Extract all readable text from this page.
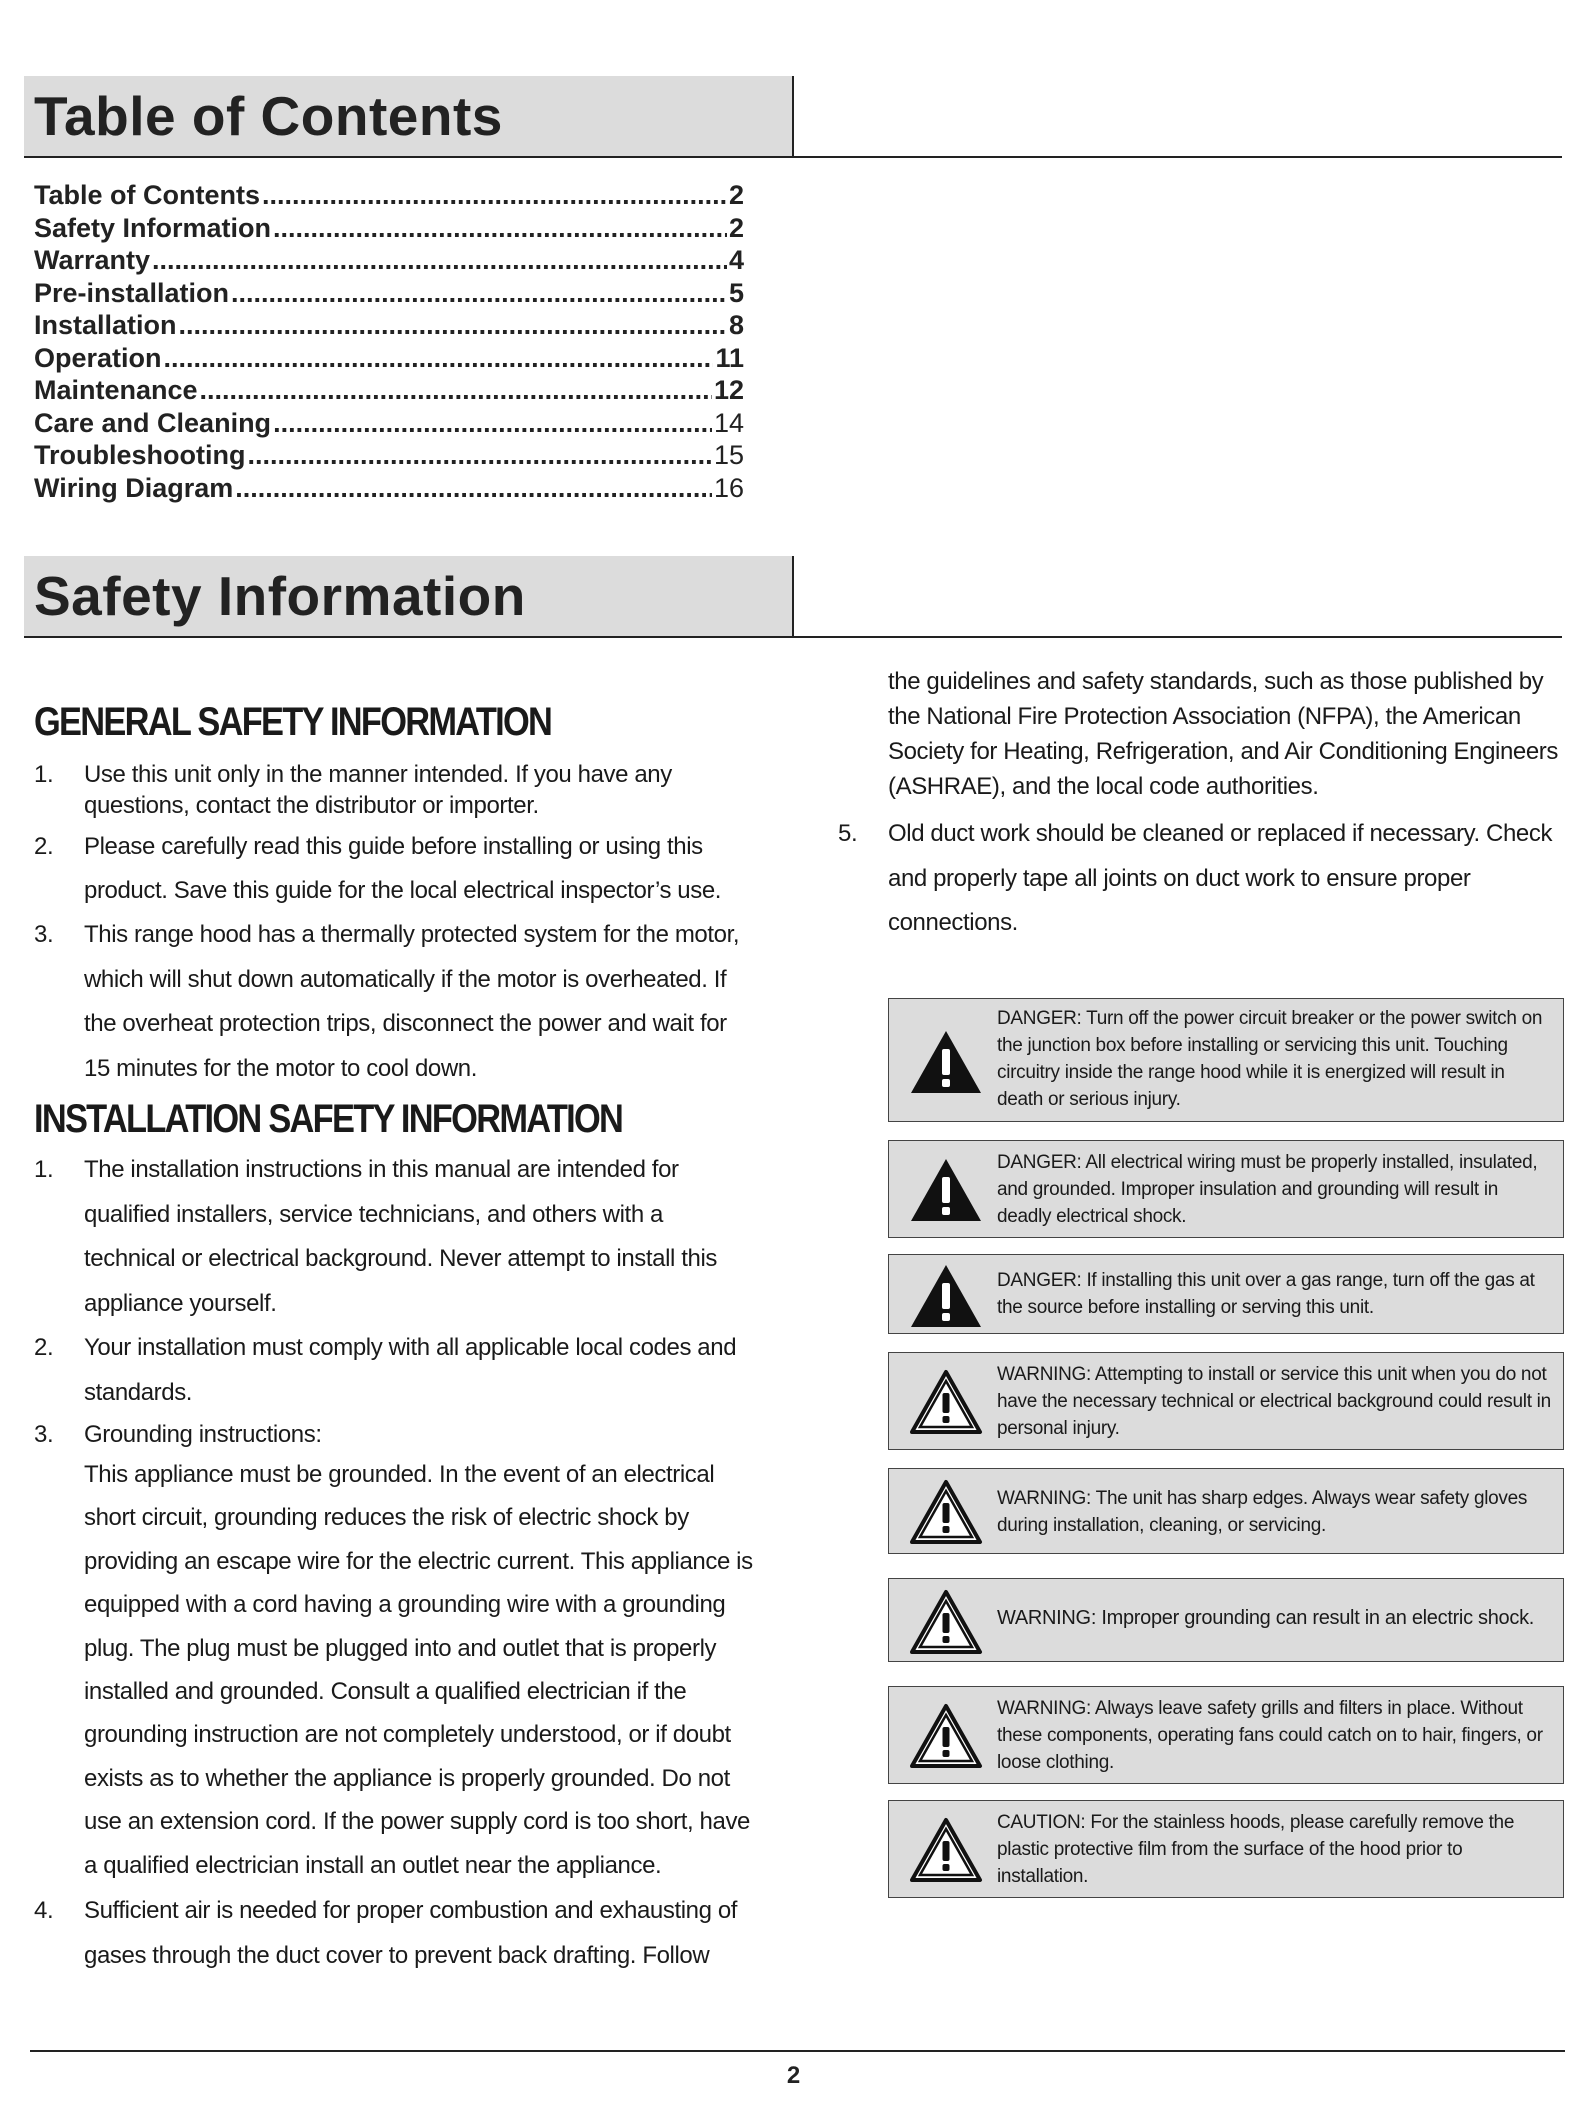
Table of Contents
Table of Contents .....	2
Safety Information .....	2
Warranty .....	4
Pre-installation .....	5
Installation .....	8
Operation .....	11
Maintenance .....	12
Care and Cleaning .....	14
Troubleshooting .....	15
Wiring Diagram .....	16
Safety Information
GENERAL SAFETY INFORMATION
1. Use this unit only in the manner intended. If you have any questions, contact the distributor or importer.

2. Please carefully read this guide before installing or using this product. Save this guide for the local electrical inspector’s use.

3. This range hood has a thermally protected system for the motor, which will shut down automatically if the motor is overheated. If the overheat protection trips, disconnect the power and wait for 15 minutes for the motor to cool down.

INSTALLATION SAFETY INFORMATION
1. The installation instructions in this manual are intended for qualified installers, service technicians, and others with a technical or electrical background. Never attempt to install this appliance yourself.

2. Your installation must comply with all applicable local codes and standards.

3. Grounding instructions:

This appliance must be grounded. In the event of an electrical short circuit, grounding reduces the risk of electric shock by providing an escape wire for the electric current. This appliance is equipped with a cord having a grounding wire with a grounding plug. The plug must be plugged into and outlet that is properly installed and grounded. Consult a qualified electrician if the grounding instruction are not completely understood, or if doubt exists as to whether the appliance is properly grounded. Do not use an extension cord. If the power supply cord is too short, have a qualified electrician install an outlet near the appliance.

4. Sufficient air is needed for proper combustion and exhausting of gases through the duct cover to prevent back drafting. Follow

the guidelines and safety standards, such as those published by the National Fire Protection Association (NFPA), the American Society for Heating, Refrigeration, and Air Conditioning Engineers (ASHRAE), and the local code authorities.

5. Old duct work should be cleaned or replaced if necessary. Check and properly tape all joints on duct work to ensure proper connections.

DANGER: Turn off the power circuit breaker or the power switch on the junction box before installing or servicing this unit. Touching circuitry inside the range hood while it is energized will result in death or serious injury.
DANGER: All electrical wiring must be properly installed, insulated, and grounded. Improper insulation and grounding will result in deadly electrical shock.
DANGER: If installing this unit over a gas range, turn off the gas at the source before installing or serving this unit.
WARNING: Attempting to install or service this unit when you do not have the necessary technical or electrical background could result in personal injury.
WARNING: The unit has sharp edges. Always wear safety gloves during installation, cleaning, or servicing.
WARNING: Improper grounding can result in an electric shock.
WARNING: Always leave safety grills and filters in place. Without these components, operating fans could catch on to hair, fingers, or loose clothing.
CAUTION: For the stainless hoods, please carefully remove the plastic protective film from the surface of the hood prior to installation.
2
